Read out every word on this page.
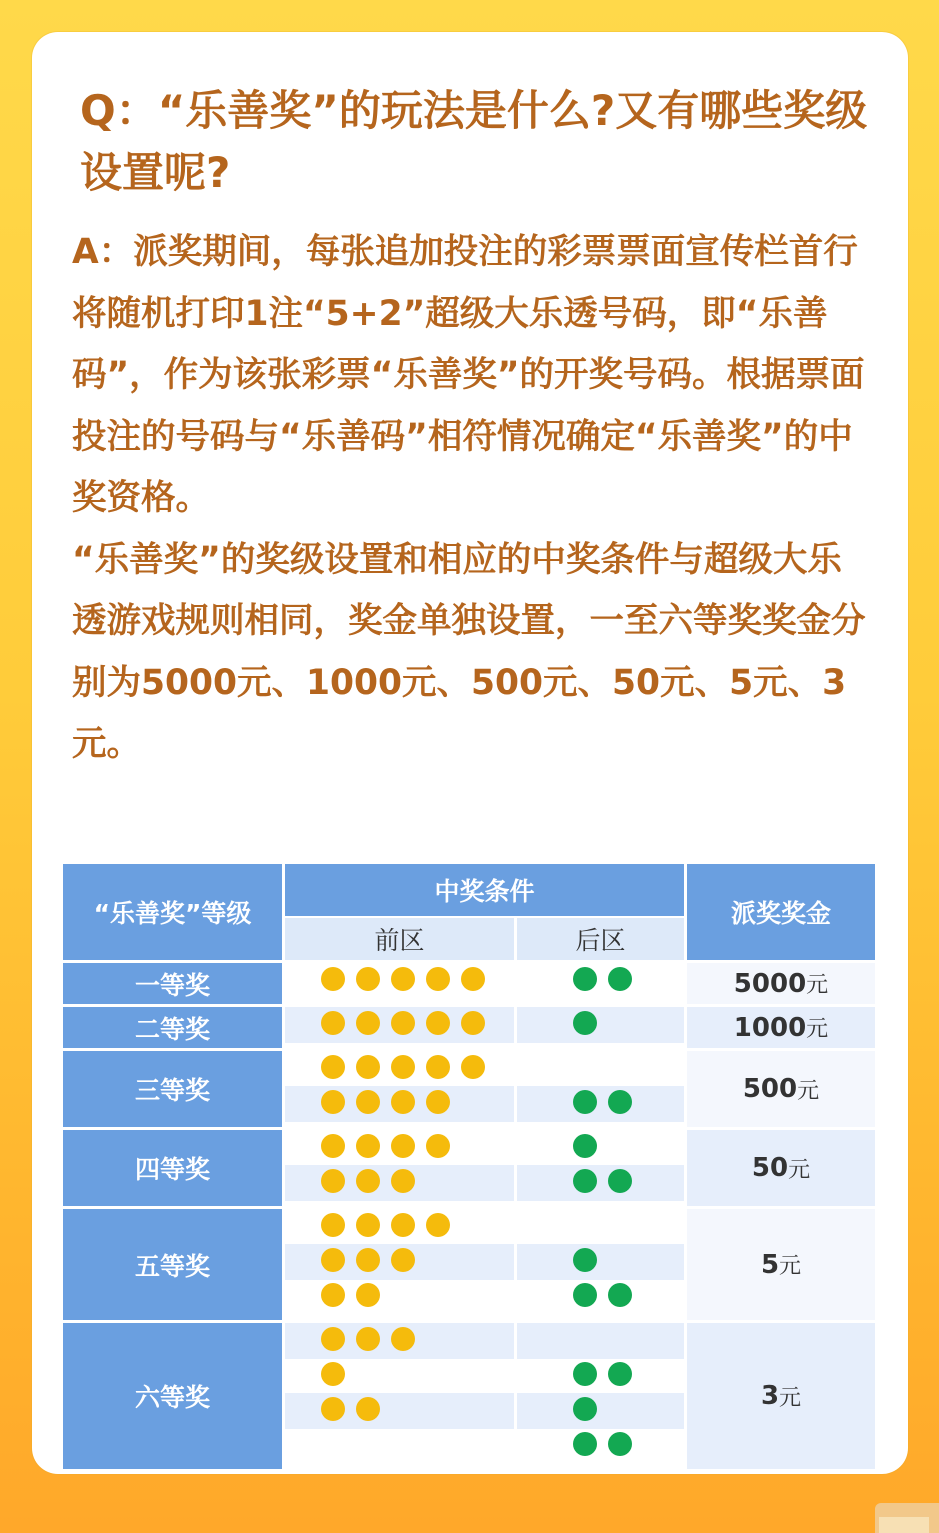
Q：“乐善奖”的玩法是什么?又有哪些奖级设置呢?

A：派奖期间，每张追加投注的彩票票面宣传栏首行将随机打印1注“5+2”超级大乐透号码，即“乐善码”，作为该张彩票“乐善奖”的开奖号码。根据票面投注的号码与“乐善码”相符情况确定“乐善奖”的中奖资格。

“乐善奖”的奖级设置和相应的中奖条件与超级大乐透游戏规则相同，奖金单独设置，一至六等奖奖金分别为5000元、1000元、500元、50元、5元、3元。

“乐善奖”等级
中奖条件
前区	后区
派奖奖金
一等奖	5000 元
二等奖	1000 元
三等奖	500 元
四等奖	50 元
五等奖	5 元
六等奖	3 元
